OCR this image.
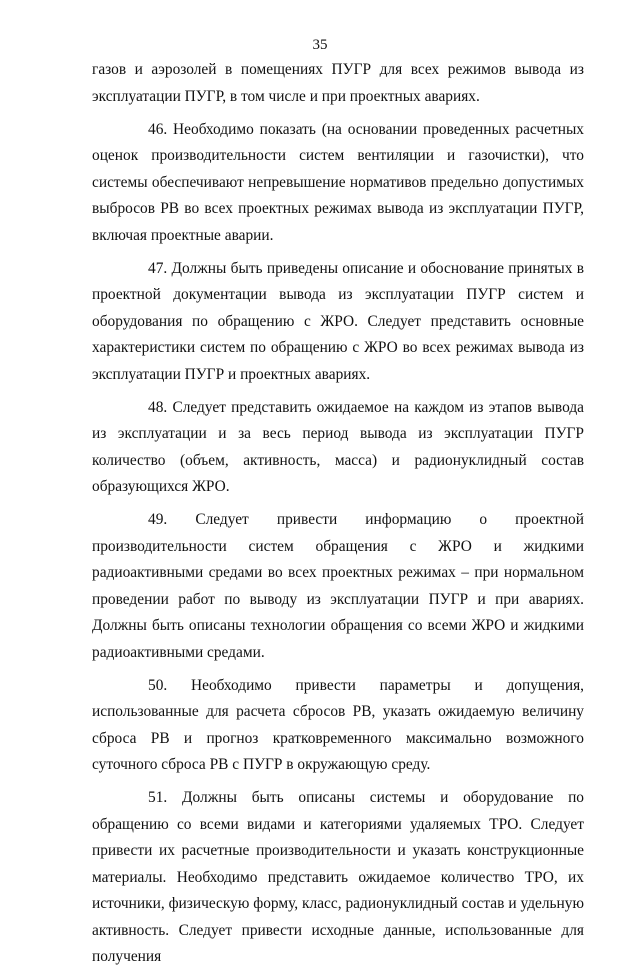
35

газов и аэрозолей в помещениях ПУГР для всех режимов вывода из эксплуатации ПУГР, в том числе и при проектных авариях.

46. Необходимо показать (на основании проведенных расчетных оценок производительности систем вентиляции и газочистки), что системы обеспечивают непревышение нормативов предельно допустимых выбросов РВ во всех проектных режимах вывода из эксплуатации ПУГР, включая проектные аварии.

47. Должны быть приведены описание и обоснование принятых в проектной документации вывода из эксплуатации ПУГР систем и оборудования по обращению с ЖРО. Следует представить основные характеристики систем по обращению с ЖРО во всех режимах вывода из эксплуатации ПУГР и проектных авариях.

48. Следует представить ожидаемое на каждом из этапов вывода из эксплуатации и за весь период вывода из эксплуатации ПУГР количество (объем, активность, масса) и радионуклидный состав образующихся ЖРО.

49. Следует привести информацию о проектной производительности систем обращения с ЖРО и жидкими радиоактивными средами во всех проектных режимах – при нормальном проведении работ по выводу из эксплуатации ПУГР и при авариях. Должны быть описаны технологии обращения со всеми ЖРО и жидкими радиоактивными средами.

50. Необходимо привести параметры и допущения, использованные для расчета сбросов РВ, указать ожидаемую величину сброса РВ и прогноз кратковременного максимально возможного суточного сброса РВ с ПУГР в окружающую среду.

51. Должны быть описаны системы и оборудование по обращению со всеми видами и категориями удаляемых ТРО. Следует привести их расчетные производительности и указать конструкционные материалы. Необходимо представить ожидаемое количество ТРО, их источники, физическую форму, класс, радионуклидный состав и удельную активность. Следует привести исходные данные, использованные для получения
